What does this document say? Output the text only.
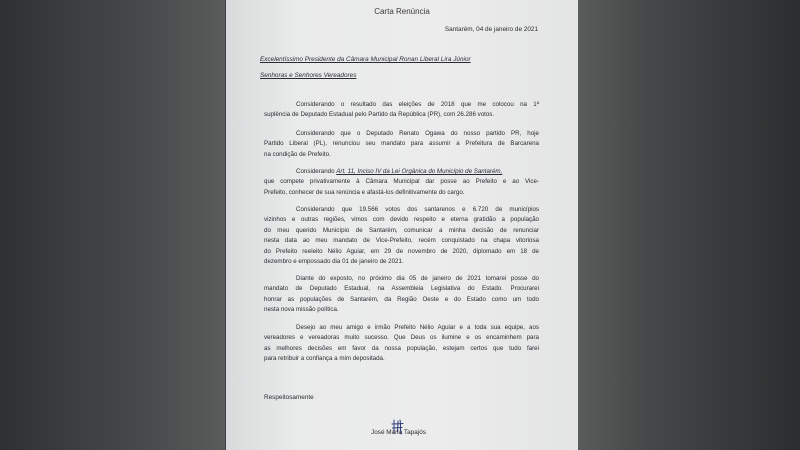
Carta Renúncia
Santarém, 04 de janeiro de 2021
Excelentíssimo Presidente da Câmara Municipal Ronan Liberal Lira Júnior
Senhoras e Senhores Vereadores
Considerando o resultado das eleições de 2018 que me colocou na 1ª
suplência de Deputado Estadual pelo Partido da República (PR), com 26.286 votos.
Considerando que o Deputado Renato Ogawa do nosso partido PR, hoje
Partido Liberal (PL), renunciou seu mandato para assumir a Prefeitura de Barcarena
na condição de Prefeito.
Considerando Art. 11, Inciso IV da Lei Orgânica do Município de Santarém,
que compete privativamente à Câmara Municipal dar posse ao Prefeito e ao Vice-
Prefeito, conhecer de sua renúncia e afastá-los definitivamente do cargo.
Considerando que 19.566 votos dos santarenos e 6.720 de municípios
vizinhos e outras regiões, vimos com devido respeito e eterna gratidão a população
do meu querido Município de Santarém, comunicar a minha decisão de renunciar
nesta data ao meu mandato de Vice-Prefeito, recém conquistado na chapa vitoriosa
do Prefeito reeleito Nélio Aguiar, em 29 de novembro de 2020, diplomado em 18 de
dezembro e empossado dia 01 de janeiro de 2021.
Diante do exposto, no próximo dia 05 de janeiro de 2021 tomarei posse do
mandato de Deputado Estadual, na Assembleia Legislativa do Estado. Procurarei
honrar as populações de Santarém, da Região Oeste e do Estado como um todo
nesta nova missão política.
Desejo ao meu amigo e irmão Prefeito Nélio Aguiar e a toda sua equipe, aos
vereadores e vereadoras muito sucesso. Que Deus os ilumine e os encaminhem para
as melhores decisões em favor da nossa população, estejam certos que tudo farei
para retribuir a confiança a mim depositada.
Respeitosamente
José Maria Tapajós
